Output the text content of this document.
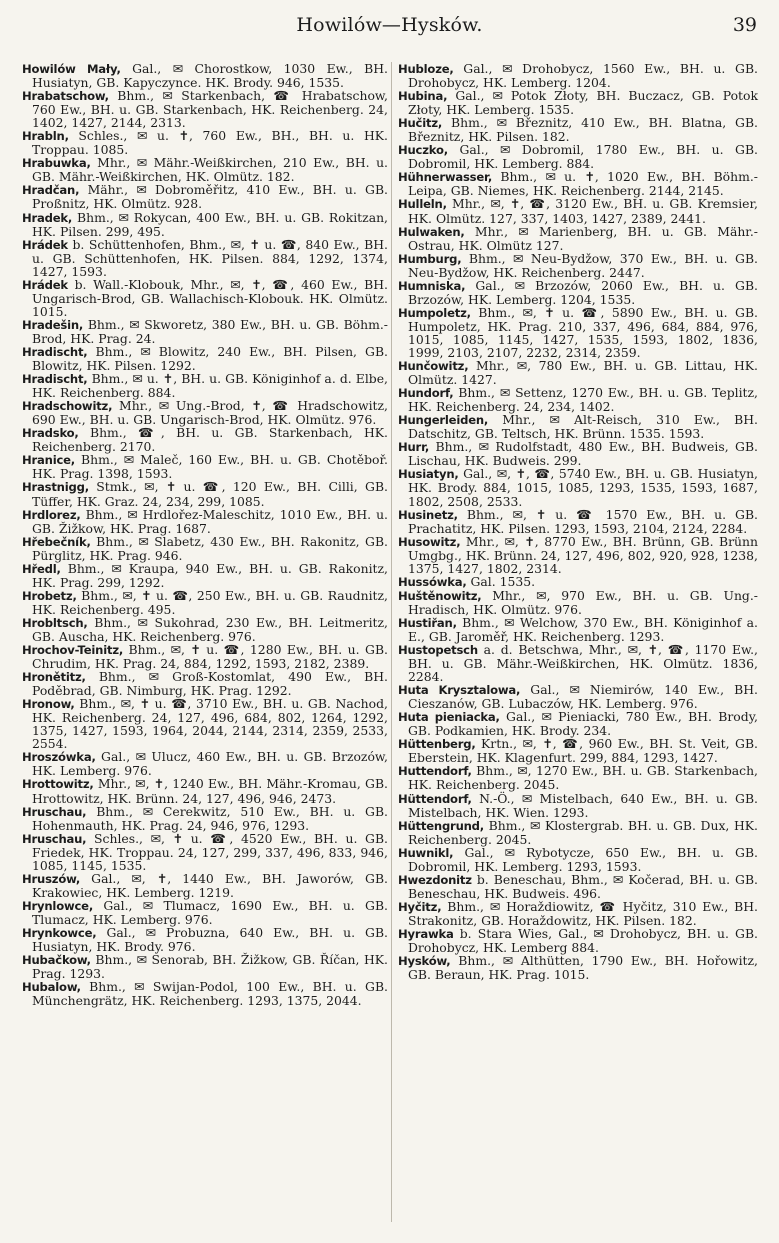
Howilów—Hysków.	39

Howilów Mały, Gal., ✉ Chorostkow, 1030 Ew., BH. Husiatyn, GB. Kapyczynce. HK. Brody. 946, 1535.

Hrabatschow, Bhm., ✉ Starkenbach, ☎ Hrabatschow, 760 Ew., BH. u. GB. Starkenbach, HK. Reichenberg. 24, 1402, 1427, 2144, 2313.

Hrabln, Schles., ✉ u. ✝, 760 Ew., BH., BH. u. HK. Troppau. 1085.

Hrabuwka, Mhr., ✉ Mähr.-Weißkirchen, 210 Ew., BH. u. GB. Mähr.-Weißkirchen, HK. Olmütz. 182.

Hradčan, Mähr., ✉ Dobroměřitz, 410 Ew., BH. u. GB. Proßnitz, HK. Olmütz. 928.

Hradek, Bhm., ✉ Rokycan, 400 Ew., BH. u. GB. Rokitzan, HK. Pilsen. 299, 495.

Hrádek b. Schüttenhofen, Bhm., ✉, ✝ u. ☎, 840 Ew., BH. u. GB. Schüttenhofen, HK. Pilsen. 884, 1292, 1374, 1427, 1593.

Hrádek b. Wall.-Klobouk, Mhr., ✉, ✝, ☎, 460 Ew., BH. Ungarisch-Brod, GB. Wallachisch-Klobouk. HK. Olmütz. 1015.

Hradešin, Bhm., ✉ Skworetz, 380 Ew., BH. u. GB. Böhm.-Brod, HK. Prag. 24.

Hradischt, Bhm., ✉ Blowitz, 240 Ew., BH. Pilsen, GB. Blowitz, HK. Pilsen. 1292.

Hradischt, Bhm., ✉ u. ✝, BH. u. GB. Königinhof a. d. Elbe, HK. Reichenberg. 884.

Hradschowitz, Mhr., ✉ Ung.-Brod, ✝, ☎ Hradschowitz, 690 Ew., BH. u. GB. Ungarisch-Brod, HK. Olmütz. 976.

Hradsko, Bhm., ☎, BH. u. GB. Starkenbach, HK. Reichenberg. 2170.

Hranice, Bhm., ✉ Maleč, 160 Ew., BH. u. GB. Chotěboř. HK. Prag. 1398, 1593.

Hrastnigg, Stmk., ✉, ✝ u. ☎, 120 Ew., BH. Cilli, GB. Tüffer, HK. Graz. 24, 234, 299, 1085.

Hrdlorez, Bhm., ✉ Hrdlořez-Maleschitz, 1010 Ew., BH. u. GB. Žižkow, HK. Prag. 1687.

Hřebečník, Bhm., ✉ Slabetz, 430 Ew., BH. Rakonitz, GB. Pürglitz, HK. Prag. 946.

Hředl, Bhm., ✉ Kraupa, 940 Ew., BH. u. GB. Rakonitz, HK. Prag. 299, 1292.

Hrobetz, Bhm., ✉, ✝ u. ☎, 250 Ew., BH. u. GB. Raudnitz, HK. Reichenberg. 495.

Hrobltsch, Bhm., ✉ Sukohrad, 230 Ew., BH. Leitmeritz, GB. Auscha, HK. Reichenberg. 976.

Hrochov-Teinitz, Bhm., ✉, ✝ u. ☎, 1280 Ew., BH. u. GB. Chrudim, HK. Prag. 24, 884, 1292, 1593, 2182, 2389.

Hronětitz, Bhm., ✉ Groß-Kostomlat, 490 Ew., BH. Poděbrad, GB. Nimburg, HK. Prag. 1292.

Hronow, Bhm., ✉, ✝ u. ☎, 3710 Ew., BH. u. GB. Nachod, HK. Reichenberg. 24, 127, 496, 684, 802, 1264, 1292, 1375, 1427, 1593, 1964, 2044, 2144, 2314, 2359, 2533, 2554.

Hroszówka, Gal., ✉ Ulucz, 460 Ew., BH. u. GB. Brzozów, HK. Lemberg. 976.

Hrottowitz, Mhr., ✉, ✝, 1240 Ew., BH. Mähr.-Kromau, GB. Hrottowitz, HK. Brünn. 24, 127, 496, 946, 2473.

Hruschau, Bhm., ✉ Cerekwitz, 510 Ew., BH. u. GB. Hohenmauth, HK. Prag. 24, 946, 976, 1293.

Hruschau, Schles., ✉, ✝ u. ☎, 4520 Ew., BH. u. GB. Friedek, HK. Troppau. 24, 127, 299, 337, 496, 833, 946, 1085, 1145, 1535.

Hruszów, Gal., ✉, ✝, 1440 Ew., BH. Jaworów, GB. Krakowiec, HK. Lemberg. 1219.

Hrynlowce, Gal., ✉ Tlumacz, 1690 Ew., BH. u. GB. Tlumacz, HK. Lemberg. 976.

Hrynkowce, Gal., ✉ Probuzna, 640 Ew., BH. u. GB. Husiatyn, HK. Brody. 976.

Hubačkow, Bhm., ✉ Senorab, BH. Žižkow, GB. Říčan, HK. Prag. 1293.

Hubalow, Bhm., ✉ Swijan-Podol, 100 Ew., BH. u. GB. Münchengrätz, HK. Reichenberg. 1293, 1375, 2044.

Hubloze, Gal., ✉ Drohobycz, 1560 Ew., BH. u. GB. Drohobycz, HK. Lemberg. 1204.

Hubina, Gal., ✉ Potok Złoty, BH. Buczacz, GB. Potok Złoty, HK. Lemberg. 1535.

Hučitz, Bhm., ✉ Březnitz, 410 Ew., BH. Blatna, GB. Březnitz, HK. Pilsen. 182.

Huczko, Gal., ✉ Dobromil, 1780 Ew., BH. u. GB. Dobromil, HK. Lemberg. 884.

Hühnerwasser, Bhm., ✉ u. ✝, 1020 Ew., BH. Böhm.-Leipa, GB. Niemes, HK. Reichenberg. 2144, 2145.

Hulleln, Mhr., ✉, ✝, ☎, 3120 Ew., BH. u. GB. Kremsier, HK. Olmütz. 127, 337, 1403, 1427, 2389, 2441.

Hulwaken, Mhr., ✉ Marienberg, BH. u. GB. Mähr.-Ostrau, HK. Olmütz 127.

Humburg, Bhm., ✉ Neu-Bydžow, 370 Ew., BH. u. GB. Neu-Bydžow, HK. Reichenberg. 2447.

Humniska, Gal., ✉ Brzozów, 2060 Ew., BH. u. GB. Brzozów, HK. Lemberg. 1204, 1535.

Humpoletz, Bhm., ✉, ✝ u. ☎, 5890 Ew., BH. u. GB. Humpoletz, HK. Prag. 210, 337, 496, 684, 884, 976, 1015, 1085, 1145, 1427, 1535, 1593, 1802, 1836, 1999, 2103, 2107, 2232, 2314, 2359.

Hunčowitz, Mhr., ✉, 780 Ew., BH. u. GB. Littau, HK. Olmütz. 1427.

Hundorf, Bhm., ✉ Settenz, 1270 Ew., BH. u. GB. Teplitz, HK. Reichenberg. 24, 234, 1402.

Hungerleiden, Mhr., ✉ Alt-Reisch, 310 Ew., BH. Datschitz, GB. Teltsch, HK. Brünn. 1535. 1593.

Hurr, Bhm., ✉ Rudolfstadt, 480 Ew., BH. Budweis, GB. Lischau, HK. Budweis. 299.

Husiatyn, Gal., ✉, ✝, ☎, 5740 Ew., BH. u. GB. Husiatyn, HK. Brody. 884, 1015, 1085, 1293, 1535, 1593, 1687, 1802, 2508, 2533.

Husinetz, Bhm., ✉, ✝ u. ☎ 1570 Ew., BH. u. GB. Prachatitz, HK. Pilsen. 1293, 1593, 2104, 2124, 2284.

Husowitz, Mhr., ✉, ✝, 8770 Ew., BH. Brünn, GB. Brünn Umgbg., HK. Brünn. 24, 127, 496, 802, 920, 928, 1238, 1375, 1427, 1802, 2314.

Hussówka, Gal. 1535.

Huštěnowitz, Mhr., ✉, 970 Ew., BH. u. GB. Ung.-Hradisch, HK. Olmütz. 976.

Hustiřan, Bhm., ✉ Welchow, 370 Ew., BH. Königinhof a. E., GB. Jaroměř, HK. Reichenberg. 1293.

Hustopetsch a. d. Betschwa, Mhr., ✉, ✝, ☎, 1170 Ew., BH. u. GB. Mähr.-Weißkirchen, HK. Olmütz. 1836, 2284.

Huta Krysztalowa, Gal., ✉ Niemirów, 140 Ew., BH. Cieszanów, GB. Lubaczów, HK. Lemberg. 976.

Huta pieniacka, Gal., ✉ Pieniacki, 780 Ew., BH. Brody, GB. Podkamien, HK. Brody. 234.

Hüttenberg, Krtn., ✉, ✝, ☎, 960 Ew., BH. St. Veit, GB. Eberstein, HK. Klagenfurt. 299, 884, 1293, 1427.

Huttendorf, Bhm., ✉, 1270 Ew., BH. u. GB. Starkenbach, HK. Reichenberg. 2045.

Hüttendorf, N.-Ö., ✉ Mistelbach, 640 Ew., BH. u. GB. Mistelbach, HK. Wien. 1293.

Hüttengrund, Bhm., ✉ Klostergrab. BH. u. GB. Dux, HK. Reichenberg. 2045.

Huwnikl, Gal., ✉ Rybotycze, 650 Ew., BH. u. GB. Dobromil, HK. Lemberg. 1293, 1593.

Hwezdonitz b. Beneschau, Bhm., ✉ Kočerad, BH. u. GB. Beneschau, HK. Budweis. 496.

Hyčitz, Bhm., ✉ Horaždiowitz, ☎ Hyčitz, 310 Ew., BH. Strakonitz, GB. Horaždowitz, HK. Pilsen. 182.

Hyrawka b. Stara Wies, Gal., ✉ Drohobycz, BH. u. GB. Drohobycz, HK. Lemberg 884.

Hysków, Bhm., ✉ Althütten, 1790 Ew., BH. Hořowitz, GB. Beraun, HK. Prag. 1015.
